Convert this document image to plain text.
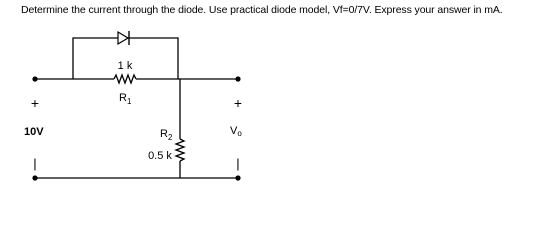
Determine the current through the diode. Use practical diode model, Vf=0/7V. Express your answer in mA.
1 k
$R_1$
$R_2$
0.5 k
+
10V
|
+
Vo
|
